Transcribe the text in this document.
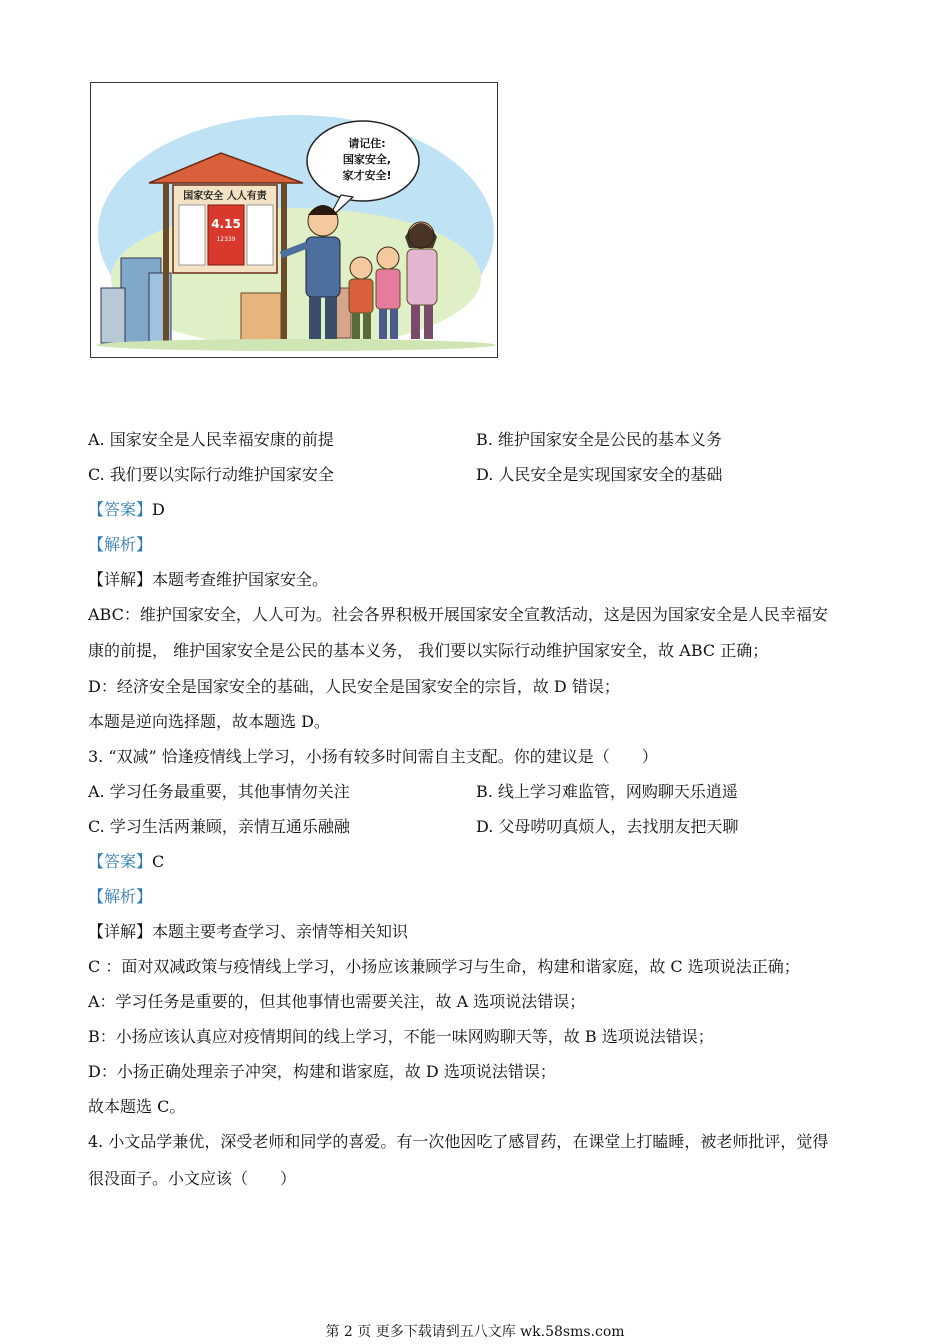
国家安全 人人有责
4.15
12339
请记住:
国家安全,
家才安全!
A. 国家安全是人民幸福安康的前提	B. 维护国家安全是公民的基本义务
C. 我们要以实际行动维护国家安全	D. 人民安全是实现国家安全的基础
【答案】D
【解析】
【详解】本题考查维护国家安全。
ABC：维护国家安全，人人可为。社会各界积极开展国家安全宣教活动，这是因为国家安全是人民幸福安
康的前提， 维护国家安全是公民的基本义务， 我们要以实际行动维护国家安全，故 ABC 正确；
D：经济安全是国家安全的基础，人民安全是国家安全的宗旨，故 D 错误；
本题是逆向选择题，故本题选 D。
3. “双减” 恰逢疫情线上学习，小扬有较多时间需自主支配。你的建议是（　　）
A. 学习任务最重要，其他事情勿关注	B. 线上学习难监管，网购聊天乐逍遥
C. 学习生活两兼顾，亲情互通乐融融	D. 父母唠叨真烦人，去找朋友把天聊
【答案】C
【解析】
【详解】本题主要考查学习、亲情等相关知识
C ：面对双减政策与疫情线上学习，小扬应该兼顾学习与生命，构建和谐家庭，故 C 选项说法正确；
A：学习任务是重要的，但其他事情也需要关注，故 A 选项说法错误；
B：小扬应该认真应对疫情期间的线上学习，不能一味网购聊天等，故 B 选项说法错误；
D：小扬正确处理亲子冲突，构建和谐家庭，故 D 选项说法错误；
故本题选 C。
4. 小文品学兼优，深受老师和同学的喜爱。有一次他因吃了感冒药，在课堂上打瞌睡，被老师批评，觉得
很没面子。小文应该（　　）
第 2 页 更多下载请到五八文库 wk.58sms.com
